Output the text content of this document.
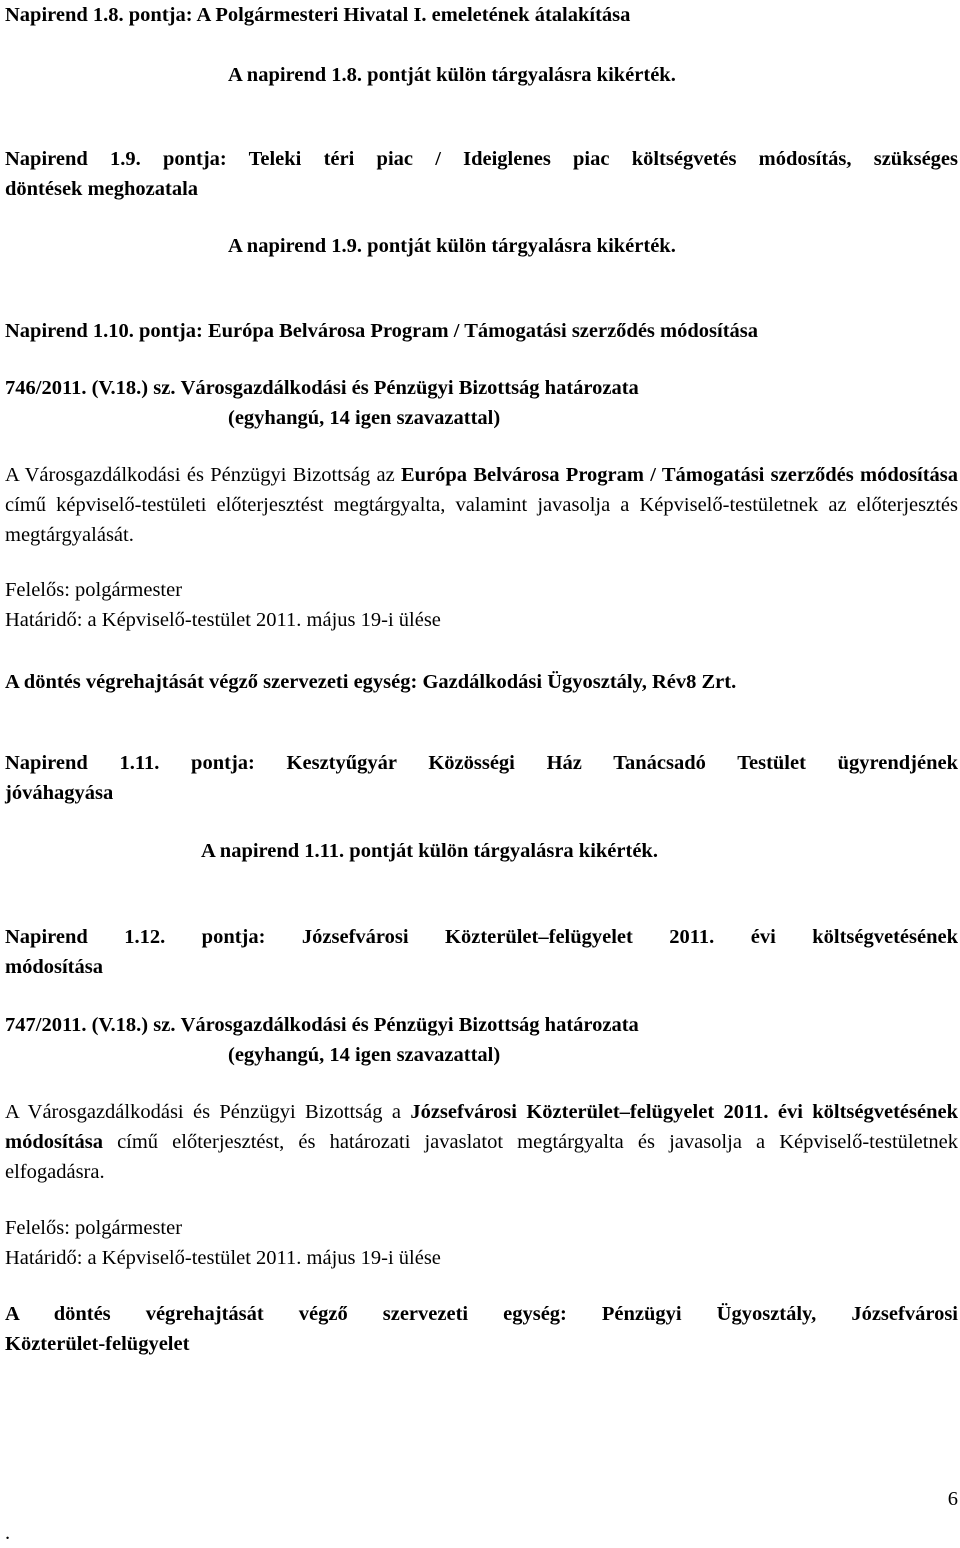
Napirend 1.8. pontja: A Polgármesteri Hivatal I. emeletének átalakítása
A napirend 1.8. pontját külön tárgyalásra kikérték.
Napirend 1.9. pontja: Teleki téri piac / Ideiglenes piac költségvetés módosítás, szükséges
döntések meghozatala
A napirend 1.9. pontját külön tárgyalásra kikérték.
Napirend 1.10. pontja: Európa Belvárosa Program / Támogatási szerződés módosítása
746/2011. (V.18.) sz. Városgazdálkodási és Pénzügyi Bizottság határozata
(egyhangú, 14 igen szavazattal)
A Városgazdálkodási és Pénzügyi Bizottság az Európa Belvárosa Program / Támogatási szerződés módosítása című képviselő-testületi előterjesztést megtárgyalta, valamint javasolja a Képviselő-testületnek az előterjesztés megtárgyalását.
Felelős: polgármester
Határidő: a Képviselő-testület 2011. május 19-i ülése
A döntés végrehajtását végző szervezeti egység: Gazdálkodási Ügyosztály, Rév8 Zrt.
Napirend 1.11. pontja: Kesztyűgyár Közösségi Ház Tanácsadó Testület ügyrendjének
jóváhagyása
A napirend 1.11. pontját külön tárgyalásra kikérték.
Napirend 1.12. pontja: Józsefvárosi Közterület–felügyelet 2011. évi költségvetésének
módosítása
747/2011. (V.18.) sz. Városgazdálkodási és Pénzügyi Bizottság határozata
(egyhangú, 14 igen szavazattal)
A Városgazdálkodási és Pénzügyi Bizottság a Józsefvárosi Közterület–felügyelet 2011. évi költségvetésének módosítása című előterjesztést, és határozati javaslatot megtárgyalta és javasolja a Képviselő-testületnek elfogadásra.
Felelős: polgármester
Határidő: a Képviselő-testület 2011. május 19-i ülése
A döntés végrehajtását végző szervezeti egység: Pénzügyi Ügyosztály, Józsefvárosi
Közterület-felügyelet
6
.
